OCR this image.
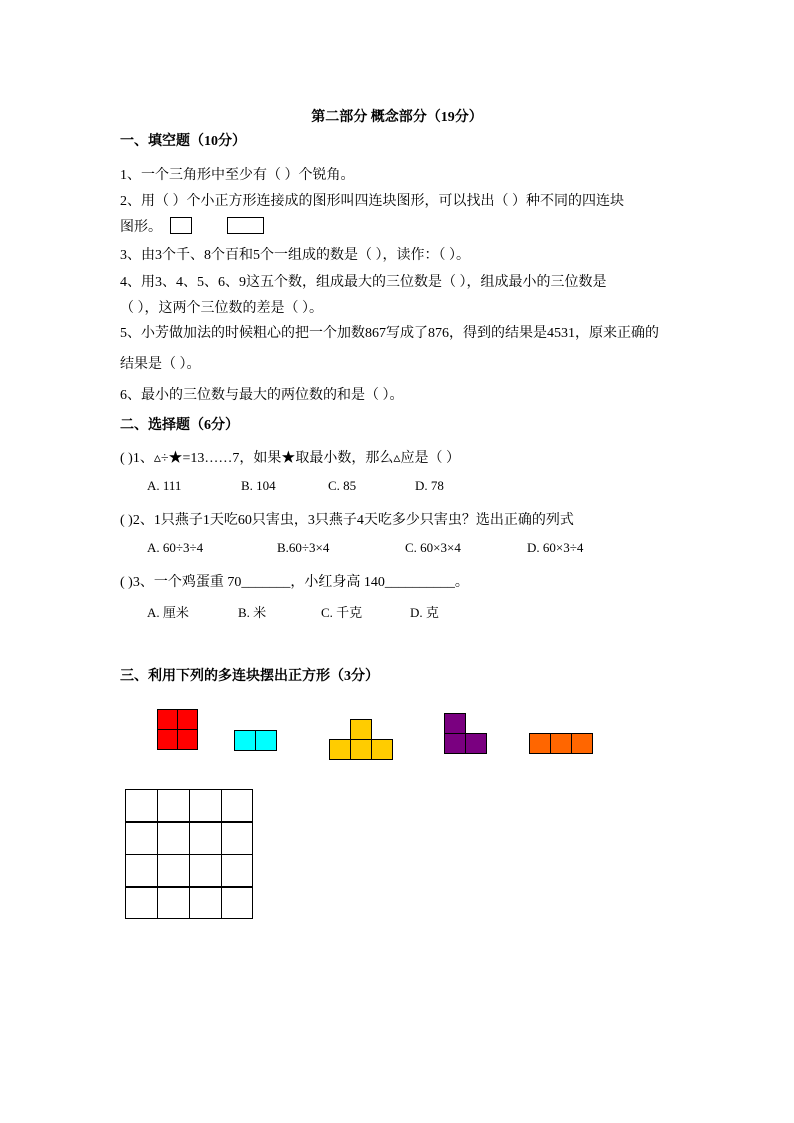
第二部分 概念部分（19分）
一、填空题（10分）
1、一个三角形中至少有（ ）个锐角。
2、用（ ）个小正方形连接成的图形叫四连块图形，可以找出（ ）种不同的四连块
图形。
3、由3个千、8个百和5个一组成的数是（ ），读作：（ ）。
4、用3、4、5、6、9这五个数，组成最大的三位数是（ ），组成最小的三位数是
（ ），这两个三位数的差是（ ）。
5、小芳做加法的时候粗心的把一个加数867写成了876，得到的结果是4531，原来正确的
结果是（ ）。
6、最小的三位数与最大的两位数的和是（ ）。
二、选择题（6分）
( )1、▵÷★=13……7，如果★取最小数，那么▵应是（ ）
A. 111	B. 104	C. 85	D. 78
( )2、1只燕子1天吃60只害虫，3只燕子4天吃多少只害虫？选出正确的列式
A. 60÷3÷4	B.60÷3×4	C. 60×3×4	D. 60×3÷4
( )3、一个鸡蛋重 70_______，小红身高 140__________。
A. 厘米	B. 米	C. 千克	D. 克
三、利用下列的多连块摆出正方形（3分）
